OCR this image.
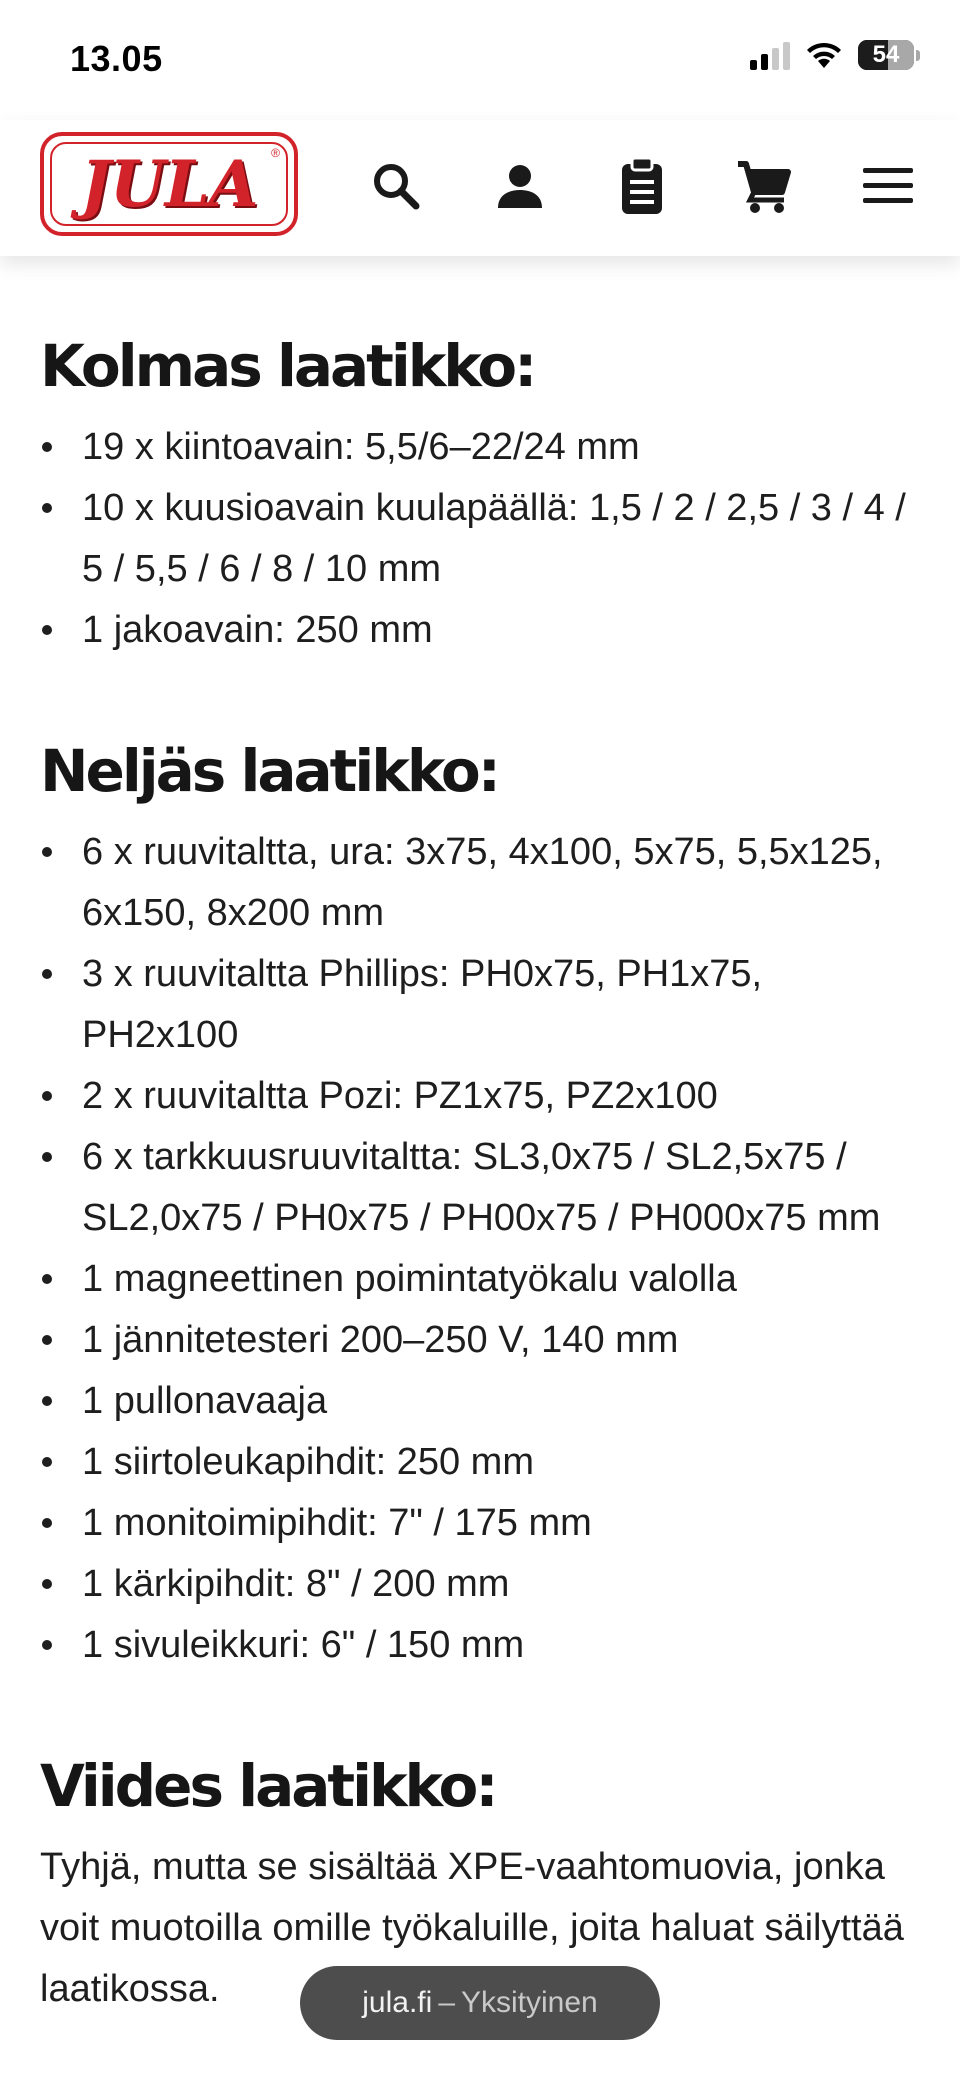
13.05	54
JULA ®
Kolmas laatikko:
19 x kiintoavain: 5,5/6–22/24 mm
10 x kuusioavain kuulapäällä: 1,5 / 2 / 2,5 / 3 / 4 / 5 / 5,5 / 6 / 8 / 10 mm
1 jakoavain: 250 mm
Neljäs laatikko:
6 x ruuvitaltta, ura: 3x75, 4x100, 5x75, 5,5x125, 6x150, 8x200 mm
3 x ruuvitaltta Phillips: PH0x75, PH1x75, PH2x100
2 x ruuvitaltta Pozi: PZ1x75, PZ2x100
6 x tarkkuusruuvitaltta: SL3,0x75 / SL2,5x75 / SL2,0x75 / PH0x75 / PH00x75 / PH000x75 mm
1 magneettinen poimintatyökalu valolla
1 jännitetesteri 200–250 V, 140 mm
1 pullonavaaja
1 siirtoleukapihdit: 250 mm
1 monitoimipihdit: 7" / 175 mm
1 kärkipihdit: 8" / 200 mm
1 sivuleikkuri: 6" / 150 mm
Viides laatikko:

Tyhjä, mutta se sisältää XPE-vaahtomuovia, jonka voit muotoilla omille työkaluille, joita haluat säilyttää laatikossa.	jula.fi – Yksityinen
